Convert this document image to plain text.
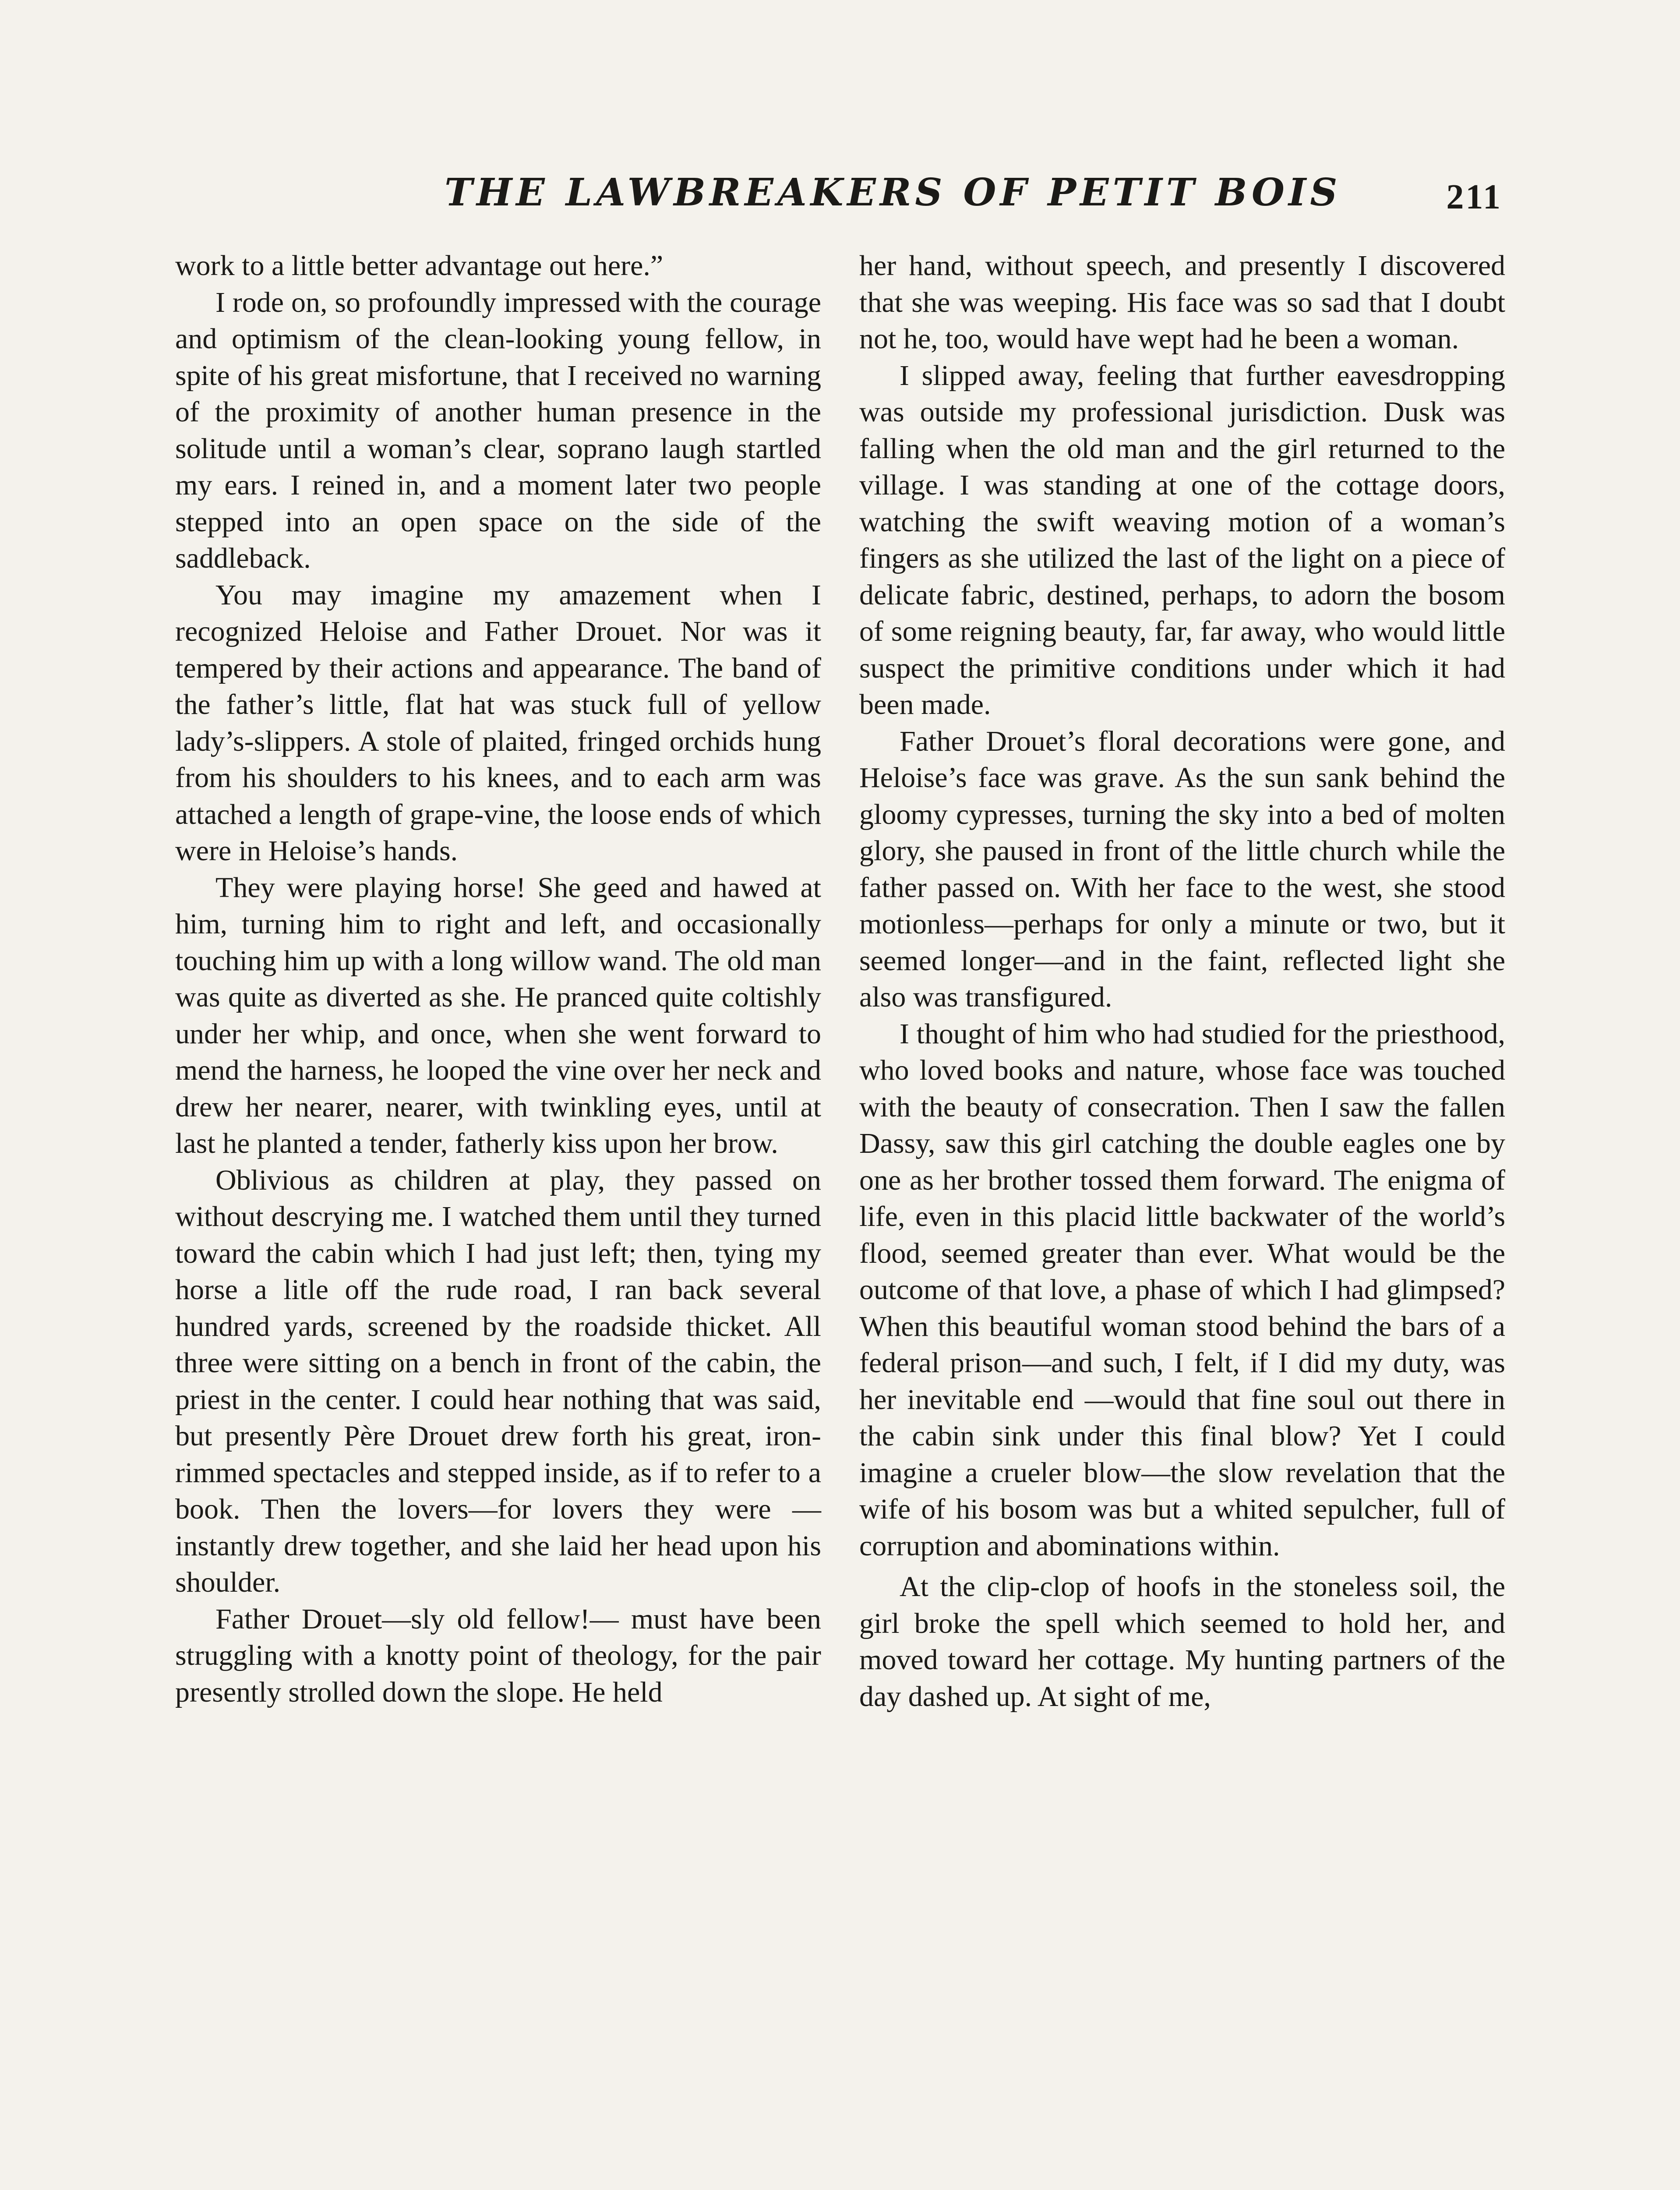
THE LAWBREAKERS OF PETIT BOIS	211

work to a little better advantage out here.”

I rode on, so profoundly impressed with the courage and optimism of the clean-looking young fellow, in spite of his great misfortune, that I received no warning of the proximity of another human presence in the solitude until a woman’s clear, soprano laugh startled my ears. I reined in, and a moment later two people stepped into an open space on the side of the saddleback.

You may imagine my amazement when I recognized Heloise and Father Drouet. Nor was it tempered by their actions and appearance. The band of the father’s little, flat hat was stuck full of yellow lady’s-slippers. A stole of plaited, fringed orchids hung from his shoulders to his knees, and to each arm was attached a length of grape-vine, the loose ends of which were in Heloise’s hands.

They were playing horse! She geed and hawed at him, turning him to right and left, and occasionally touching him up with a long willow wand. The old man was quite as diverted as she. He pranced quite coltishly under her whip, and once, when she went forward to mend the harness, he looped the vine over her neck and drew her nearer, nearer, with twinkling eyes, until at last he planted a tender, fatherly kiss upon her brow.

Oblivious as children at play, they passed on without descrying me. I watched them until they turned toward the cabin which I had just left; then, tying my horse a litle off the rude road, I ran back several hundred yards, screened by the roadside thicket. All three were sitting on a bench in front of the cabin, the priest in the center. I could hear nothing that was said, but presently Père Drouet drew forth his great, iron-rimmed spectacles and stepped inside, as if to refer to a book. Then the lovers—for lovers they were —instantly drew together, and she laid her head upon his shoulder.

Father Drouet—sly old fellow!— must have been struggling with a knotty point of theology, for the pair presently strolled down the slope. He held

her hand, without speech, and presently I discovered that she was weeping. His face was so sad that I doubt not he, too, would have wept had he been a woman.

I slipped away, feeling that further eavesdropping was outside my professional jurisdiction. Dusk was falling when the old man and the girl returned to the village. I was standing at one of the cottage doors, watching the swift weaving motion of a woman’s fingers as she utilized the last of the light on a piece of delicate fabric, destined, perhaps, to adorn the bosom of some reigning beauty, far, far away, who would little suspect the primitive conditions under which it had been made.

Father Drouet’s floral decorations were gone, and Heloise’s face was grave. As the sun sank behind the gloomy cypresses, turning the sky into a bed of molten glory, she paused in front of the little church while the father passed on. With her face to the west, she stood motionless—perhaps for only a minute or two, but it seemed longer—and in the faint, reflected light she also was transfigured.

I thought of him who had studied for the priesthood, who loved books and nature, whose face was touched with the beauty of consecration. Then I saw the fallen Dassy, saw this girl catching the double eagles one by one as her brother tossed them forward. The enigma of life, even in this placid little backwater of the world’s flood, seemed greater than ever. What would be the outcome of that love, a phase of which I had glimpsed? When this beautiful woman stood behind the bars of a federal prison—and such, I felt, if I did my duty, was her inevitable end —would that fine soul out there in the cabin sink under this final blow? Yet I could imagine a crueler blow—the slow revelation that the wife of his bosom was but a whited sepulcher, full of corruption and abominations within.

At the clip-clop of hoofs in the stoneless soil, the girl broke the spell which seemed to hold her, and moved toward her cottage. My hunting partners of the day dashed up. At sight of me,
